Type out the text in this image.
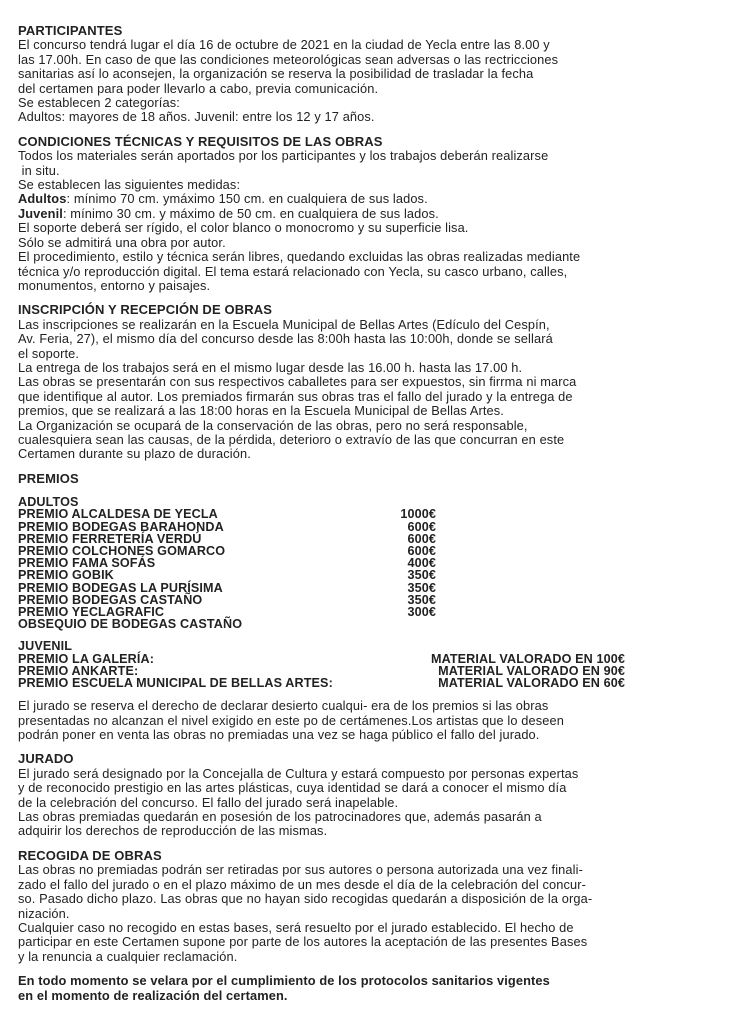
PARTICIPANTES
El concurso tendrá lugar el día 16 de octubre de 2021 en la ciudad de Yecla entre las 8.00 y
las 17.00h. En caso de que las condiciones meteorológicas sean adversas o las rectricciones
sanitarias así lo aconsejen, la organización se reserva la posibilidad de trasladar la fecha
del certamen para poder llevarlo a cabo, previa comunicación.
Se establecen 2 categorías:
Adultos: mayores de 18 años. Juvenil: entre los 12 y 17 años.
CONDICIONES TÉCNICAS Y REQUISITOS DE LAS OBRAS
Todos los materiales serán aportados por los participantes y los trabajos deberán realizarse
in situ.
Se establecen las siguientes medidas:
Adultos: mínimo 70 cm. ymáximo 150 cm. en cualquiera de sus lados.
Juvenil: mínimo 30 cm. y máximo de 50 cm. en cualquiera de sus lados.
El soporte deberá ser rígido, el color blanco o monocromo y su superficie lisa.
Sólo se admitirá una obra por autor.
El procedimiento, estilo y técnica serán libres, quedando excluidas las obras realizadas mediante
técnica y/o reproducción digital. El tema estará relacionado con Yecla, su casco urbano, calles,
monumentos, entorno y paisajes.
INSCRIPCIÓN Y RECEPCIÓN DE OBRAS
Las inscripciones se realizarán en la Escuela Municipal de Bellas Artes (Edículo del Cespín,
Av. Feria, 27), el mismo día del concurso desde las 8:00h hasta las 10:00h, donde se sellará
el soporte.
La entrega de los trabajos será en el mismo lugar desde las 16.00 h. hasta las 17.00 h.
Las obras se presentarán con sus respectivos caballetes para ser expuestos, sin firrma ni marca
que identifique al autor. Los premiados firmarán sus obras tras el fallo del jurado y la entrega de
premios, que se realizará a las 18:00 horas en la Escuela Municipal de Bellas Artes.
La Organización se ocupará de la conservación de las obras, pero no será responsable,
cualesquiera sean las causas, de la pérdida, deterioro o extravío de las que concurran en este
Certamen durante su plazo de duración.
PREMIOS
ADULTOS
PREMIO ALCALDESA DE YECLA	1000€
PREMIO BODEGAS BARAHONDA	600€
PREMIO FERRETERÍA VERDÚ	600€
PREMIO COLCHONES GOMARCO	600€
PREMIO FAMA SOFÁS	400€
PREMIO GOBIK	350€
PREMIO BODEGAS LA PURÍSIMA	350€
PREMIO BODEGAS CASTAÑO	350€
PREMIO YECLAGRAFIC	300€
OBSEQUIO DE BODEGAS CASTAÑO
JUVENIL
PREMIO LA GALERÍA:	MATERIAL VALORADO EN 100€
PREMIO ANKARTE:	MATERIAL VALORADO EN 90€
PREMIO ESCUELA MUNICIPAL DE BELLAS ARTES:	MATERIAL VALORADO EN 60€
El jurado se reserva el derecho de declarar desierto cualqui- era de los premios si las obras
presentadas no alcanzan el nivel exigido en este po de certámenes.Los artistas que lo deseen
podrán poner en venta las obras no premiadas una vez se haga público el fallo del jurado.
JURADO
El jurado será designado por la Concejalla de Cultura y estará compuesto por personas expertas
y de reconocido prestigio en las artes plásticas, cuya identidad se dará a conocer el mismo día
de la celebración del concurso. El fallo del jurado será inapelable.
Las obras premiadas quedarán en posesión de los patrocinadores que, además pasarán a
adquirir los derechos de reproducción de las mismas.
RECOGIDA DE OBRAS
Las obras no premiadas podrán ser retiradas por sus autores o persona autorizada una vez finali-
zado el fallo del jurado o en el plazo máximo de un mes desde el día de la celebración del concur-
so. Pasado dicho plazo. Las obras que no hayan sido recogidas quedarán a disposición de la orga-
nización.
Cualquier caso no recogido en estas bases, será resuelto por el jurado establecido. El hecho de
participar en este Certamen supone por parte de los autores la aceptación de las presentes Bases
y la renuncia a cualquier reclamación.
En todo momento se velara por el cumplimiento de los protocolos sanitarios vigentes
en el momento de realización del certamen.
